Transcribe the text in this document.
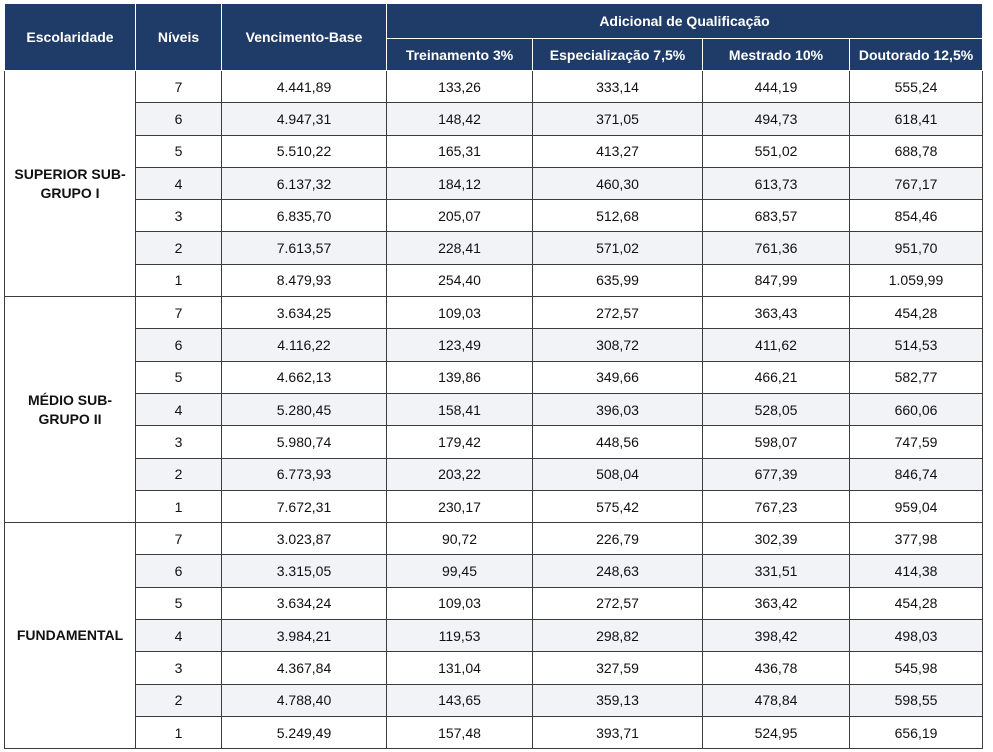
Escolaridade	Níveis	Vencimento-Base	Adicional de Qualificação			
			Treinamento 3%	Especialização 7,5%	Mestrado 10%	Doutorado 12,5%
SUPERIOR SUB-
GRUPO I	7	4.441,89	133,26	333,14	444,19	555,24
	6	4.947,31	148,42	371,05	494,73	618,41
	5	5.510,22	165,31	413,27	551,02	688,78
	4	6.137,32	184,12	460,30	613,73	767,17
	3	6.835,70	205,07	512,68	683,57	854,46
	2	7.613,57	228,41	571,02	761,36	951,70
	1	8.479,93	254,40	635,99	847,99	1.059,99
MÉDIO SUB-
GRUPO II	7	3.634,25	109,03	272,57	363,43	454,28
	6	4.116,22	123,49	308,72	411,62	514,53
	5	4.662,13	139,86	349,66	466,21	582,77
	4	5.280,45	158,41	396,03	528,05	660,06
	3	5.980,74	179,42	448,56	598,07	747,59
	2	6.773,93	203,22	508,04	677,39	846,74
	1	7.672,31	230,17	575,42	767,23	959,04
FUNDAMENTAL	7	3.023,87	90,72	226,79	302,39	377,98
	6	3.315,05	99,45	248,63	331,51	414,38
	5	3.634,24	109,03	272,57	363,42	454,28
	4	3.984,21	119,53	298,82	398,42	498,03
	3	4.367,84	131,04	327,59	436,78	545,98
	2	4.788,40	143,65	359,13	478,84	598,55
	1	5.249,49	157,48	393,71	524,95	656,19
